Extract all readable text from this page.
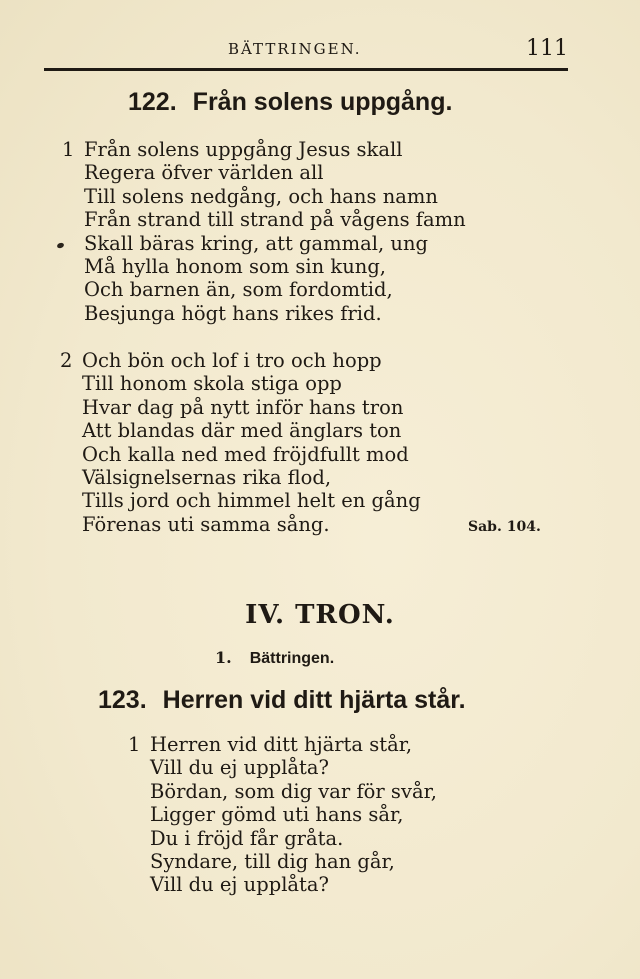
BÄTTRINGEN.	111
122. Från solens uppgång.
1 Från solens uppgång Jesus skall
Regera öfver världen all
Till solens nedgång, och hans namn
Från strand till strand på vågens famn
Skall bäras kring, att gammal, ung
Må hylla honom som sin kung,
Och barnen än, som fordomtid,
Besjunga högt hans rikes frid.
2 Och bön och lof i tro och hopp
Till honom skola stiga opp
Hvar dag på nytt inför hans tron
Att blandas där med änglars ton
Och kalla ned med fröjdfullt mod
Välsignelsernas rika flod,
Tills jord och himmel helt en gång
Förenas uti samma sång.	Sab. 104.
IV. TRON.
1. Bättringen.
123. Herren vid ditt hjärta står.
1 Herren vid ditt hjärta står,
Vill du ej upplåta?
Bördan, som dig var för svår,
Ligger gömd uti hans sår,
Du i fröjd får gråta.
Syndare, till dig han går,
Vill du ej upplåta?
